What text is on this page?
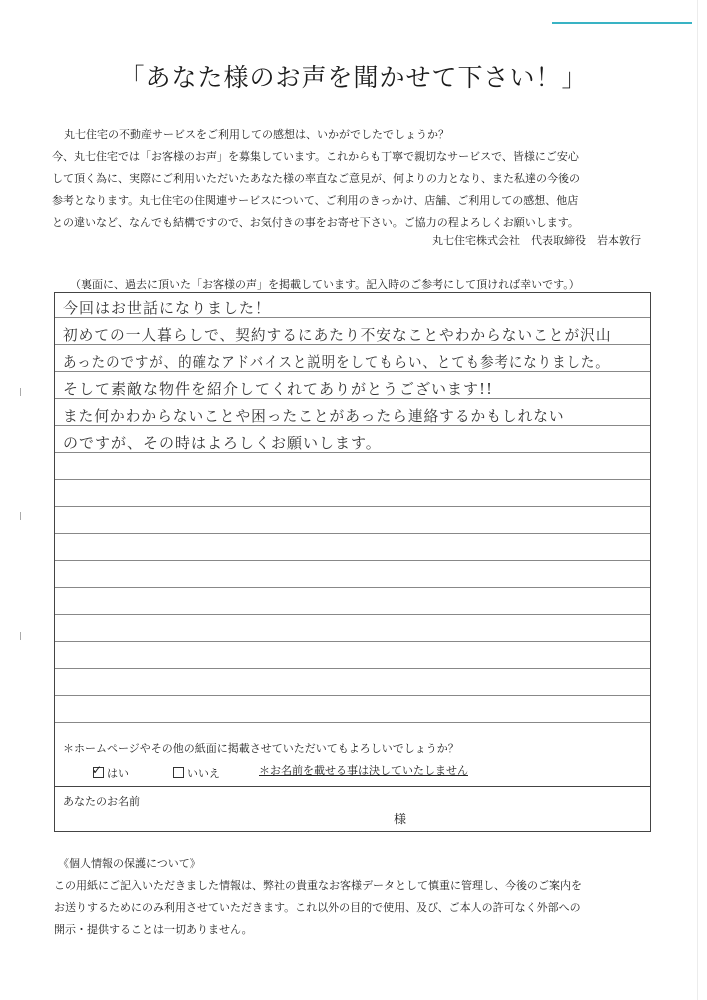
「あなた様のお声を聞かせて下さい！」
丸七住宅の不動産サービスをご利用しての感想は、いかがでしたでしょうか？
今、丸七住宅では「お客様のお声」を募集しています。これからも丁寧で親切なサービスで、皆様にご安心
して頂く為に、実際にご利用いただいたあなた様の率直なご意見が、何よりの力となり、また私達の今後の
参考となります。丸七住宅の住関連サービスについて、ご利用のきっかけ、店舗、ご利用しての感想、他店
との違いなど、なんでも結構ですので、お気付きの事をお寄せ下さい。ご協力の程よろしくお願いします。
丸七住宅株式会社　代表取締役　岩本敦行
（裏面に、過去に頂いた「お客様の声」を掲載しています。記入時のご参考にして頂ければ幸いです。）
今回はお世話になりました！
初めての一人暮らしで、契約するにあたり不安なことやわからないことが沢山
あったのですが、的確なアドバイスと説明をしてもらい、とても参考になりました。
そして素敵な物件を紹介してくれてありがとうございます!!
また何かわからないことや困ったことがあったら連絡するかもしれない
のですが、その時はよろしくお願いします。
＊ホームページやその他の紙面に掲載させていただいてもよろしいでしょうか？
✓ はい	いいえ	＊お名前を載せる事は決していたしません
あなたのお名前
様
《個人情報の保護について》
この用紙にご記入いただきました情報は、弊社の貴重なお客様データとして慎重に管理し、今後のご案内を
お送りするためにのみ利用させていただきます。これ以外の目的で使用、及び、ご本人の許可なく外部への
開示・提供することは一切ありません。
